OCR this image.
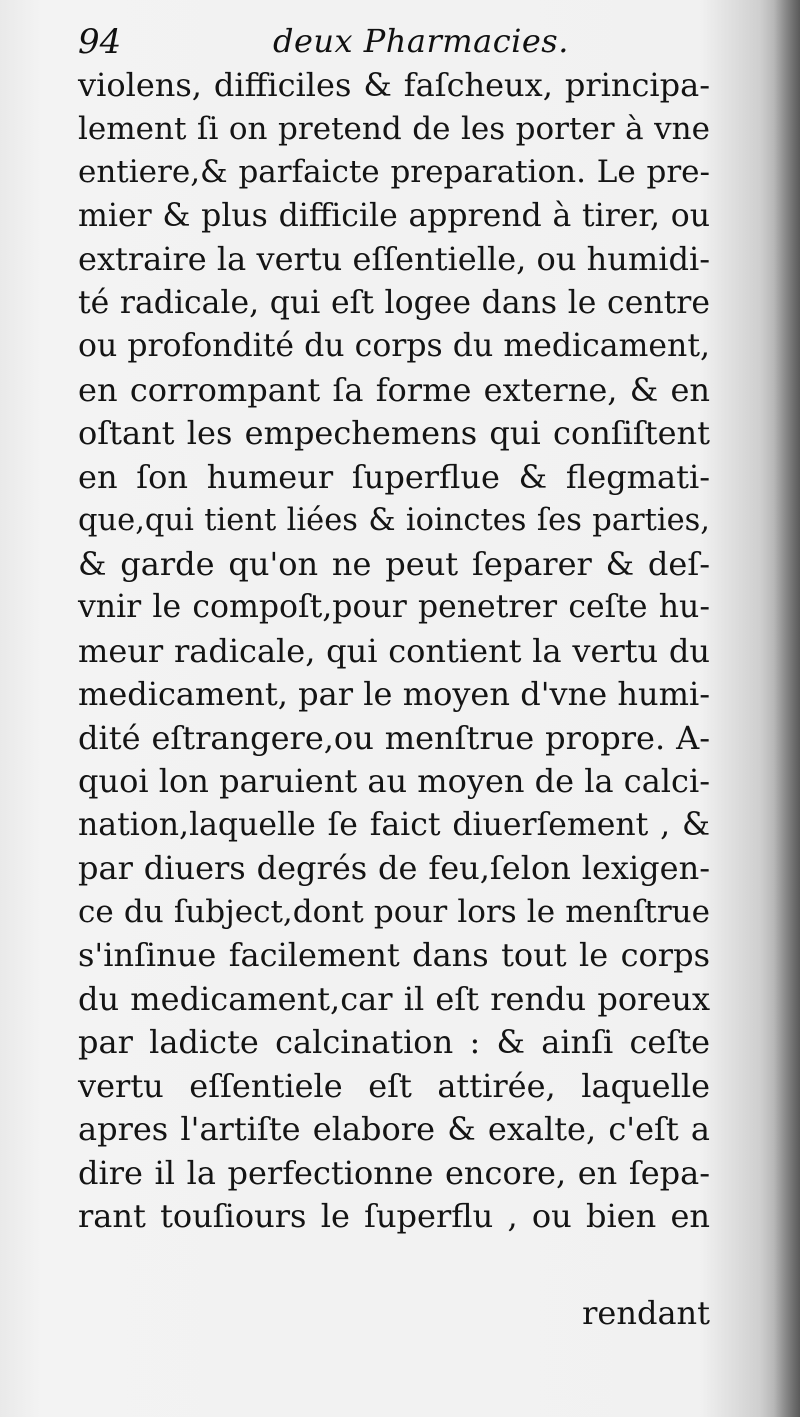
94	deux Pharmacies.
violens, difficiles & faſcheux, principa-
lement ſi on pretend de les porter à vne
entiere,& parfaicte preparation. Le pre-
mier & plus difficile apprend à tirer, ou
extraire la vertu eſſentielle, ou humidi-
té radicale, qui eſt logee dans le centre
ou profondité du corps du medicament,
en corrompant ſa forme externe, & en
oſtant les empechemens qui conſiſtent
en ſon humeur ſuperflue & flegmati-
que,qui tient liées & ioinctes ſes parties,
& garde qu'on ne peut ſeparer & deſ-
vnir le compoſt,pour penetrer ceſte hu-
meur radicale, qui contient la vertu du
medicament, par le moyen d'vne humi-
dité eſtrangere,ou menſtrue propre. A-
quoi lon paruient au moyen de la calci-
nation,laquelle ſe faict diuerſement , &
par diuers degrés de feu,ſelon lexigen-
ce du ſubject,dont pour lors le menſtrue
s'inſinue facilement dans tout le corps
du medicament,car il eſt rendu poreux
par ladicte calcination : & ainſi ceſte
vertu eſſentiele eſt attirée, laquelle
apres l'artiſte elabore & exalte, c'eſt a
dire il la perfectionne encore, en ſepa-
rant touſiours le ſuperflu , ou bien en
rendant
